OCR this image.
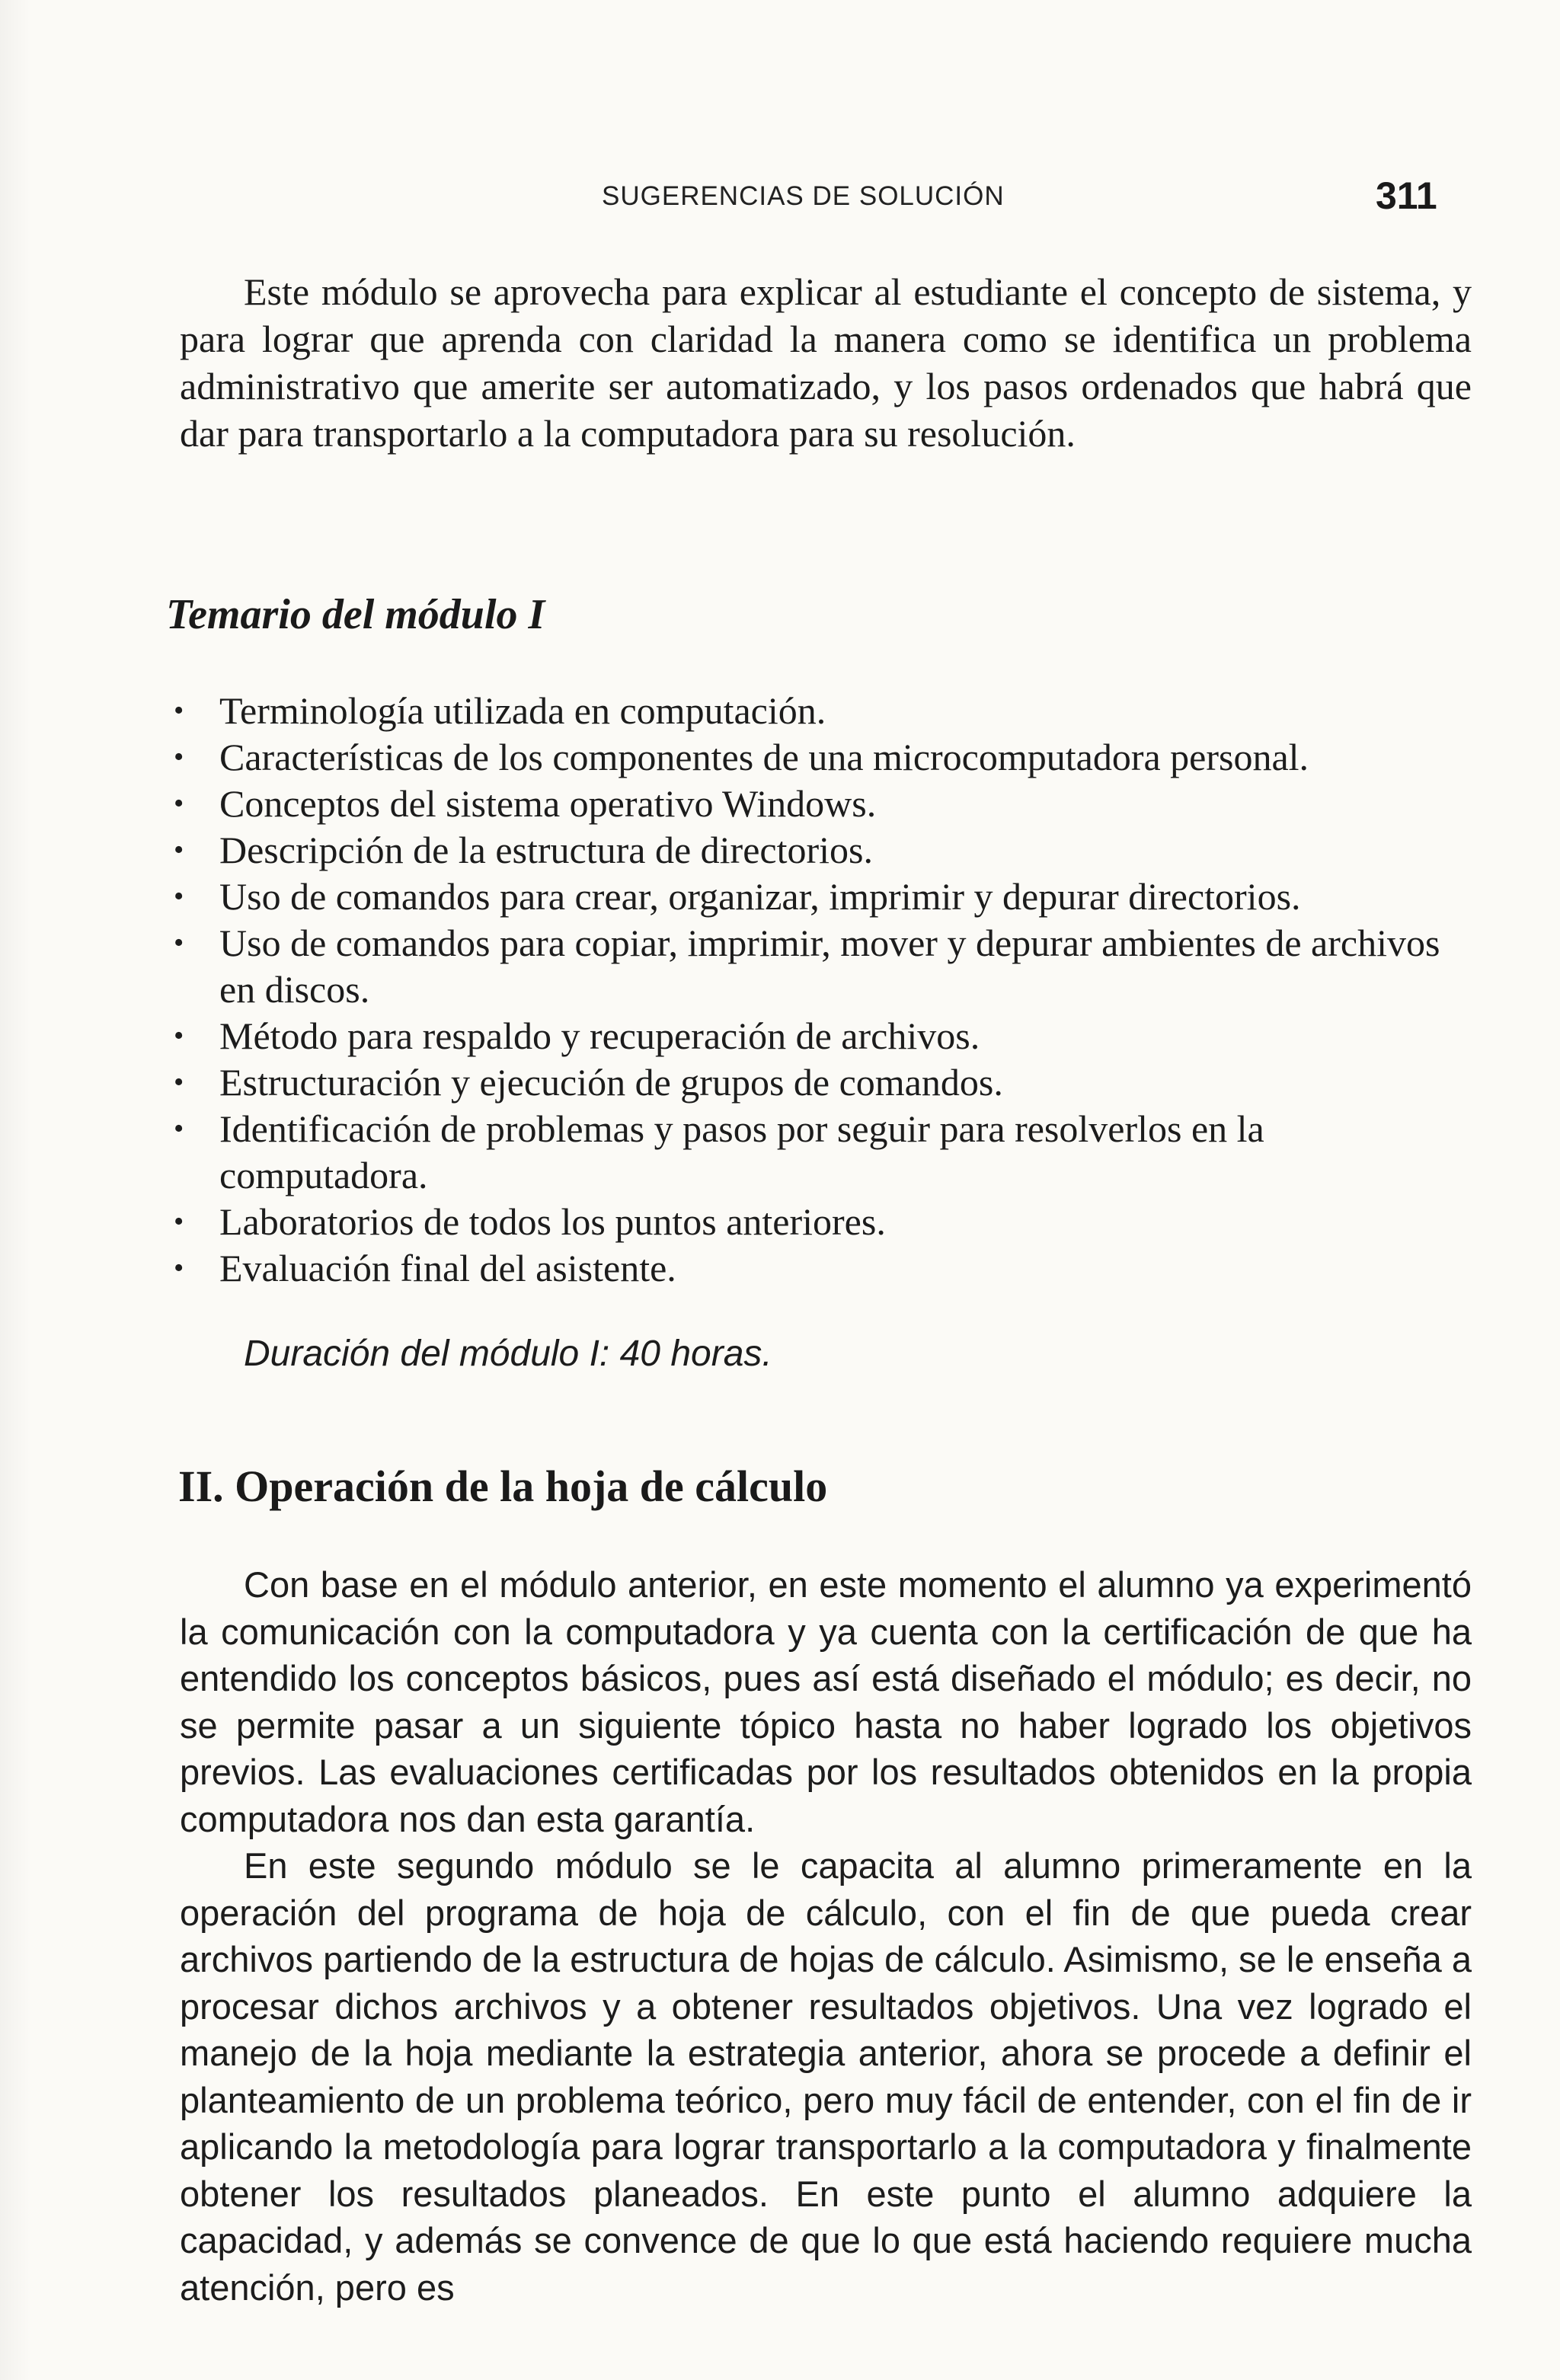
SUGERENCIAS DE SOLUCIÓN	311

Este módulo se aprovecha para explicar al estudiante el concepto de sistema, y para lograr que aprenda con claridad la manera como se identifica un problema administrativo que amerite ser automatizado, y los pasos ordenados que habrá que dar para transportarlo a la computadora para su resolución.

Temario del módulo I
• Terminología utilizada en computación.
• Características de los componentes de una microcomputadora personal.
• Conceptos del sistema operativo Windows.
• Descripción de la estructura de directorios.
• Uso de comandos para crear, organizar, imprimir y depurar directorios.
• Uso de comandos para copiar, imprimir, mover y depurar ambientes de archivos en discos.
• Método para respaldo y recuperación de archivos.
• Estructuración y ejecución de grupos de comandos.
• Identificación de problemas y pasos por seguir para resolverlos en la computadora.
• Laboratorios de todos los puntos anteriores.
• Evaluación final del asistente.
Duración del módulo I: 40 horas.
II. Operación de la hoja de cálculo

Con base en el módulo anterior, en este momento el alumno ya experimentó la comunicación con la computadora y ya cuenta con la certificación de que ha entendido los conceptos básicos, pues así está diseñado el módulo; es decir, no se permite pasar a un siguiente tópico hasta no haber logrado los objetivos previos. Las evaluaciones certificadas por los resultados obtenidos en la propia computadora nos dan esta garantía.

En este segundo módulo se le capacita al alumno primeramente en la operación del programa de hoja de cálculo, con el fin de que pueda crear archivos partiendo de la estructura de hojas de cálculo. Asimismo, se le enseña a procesar dichos archivos y a obtener resultados objetivos. Una vez logrado el manejo de la hoja mediante la estrategia anterior, ahora se procede a definir el planteamiento de un problema teórico, pero muy fácil de entender, con el fin de ir aplicando la metodología para lograr transportarlo a la computadora y finalmente obtener los resultados planeados. En este punto el alumno adquiere la capacidad, y además se convence de que lo que está haciendo requiere mucha atención, pero es
